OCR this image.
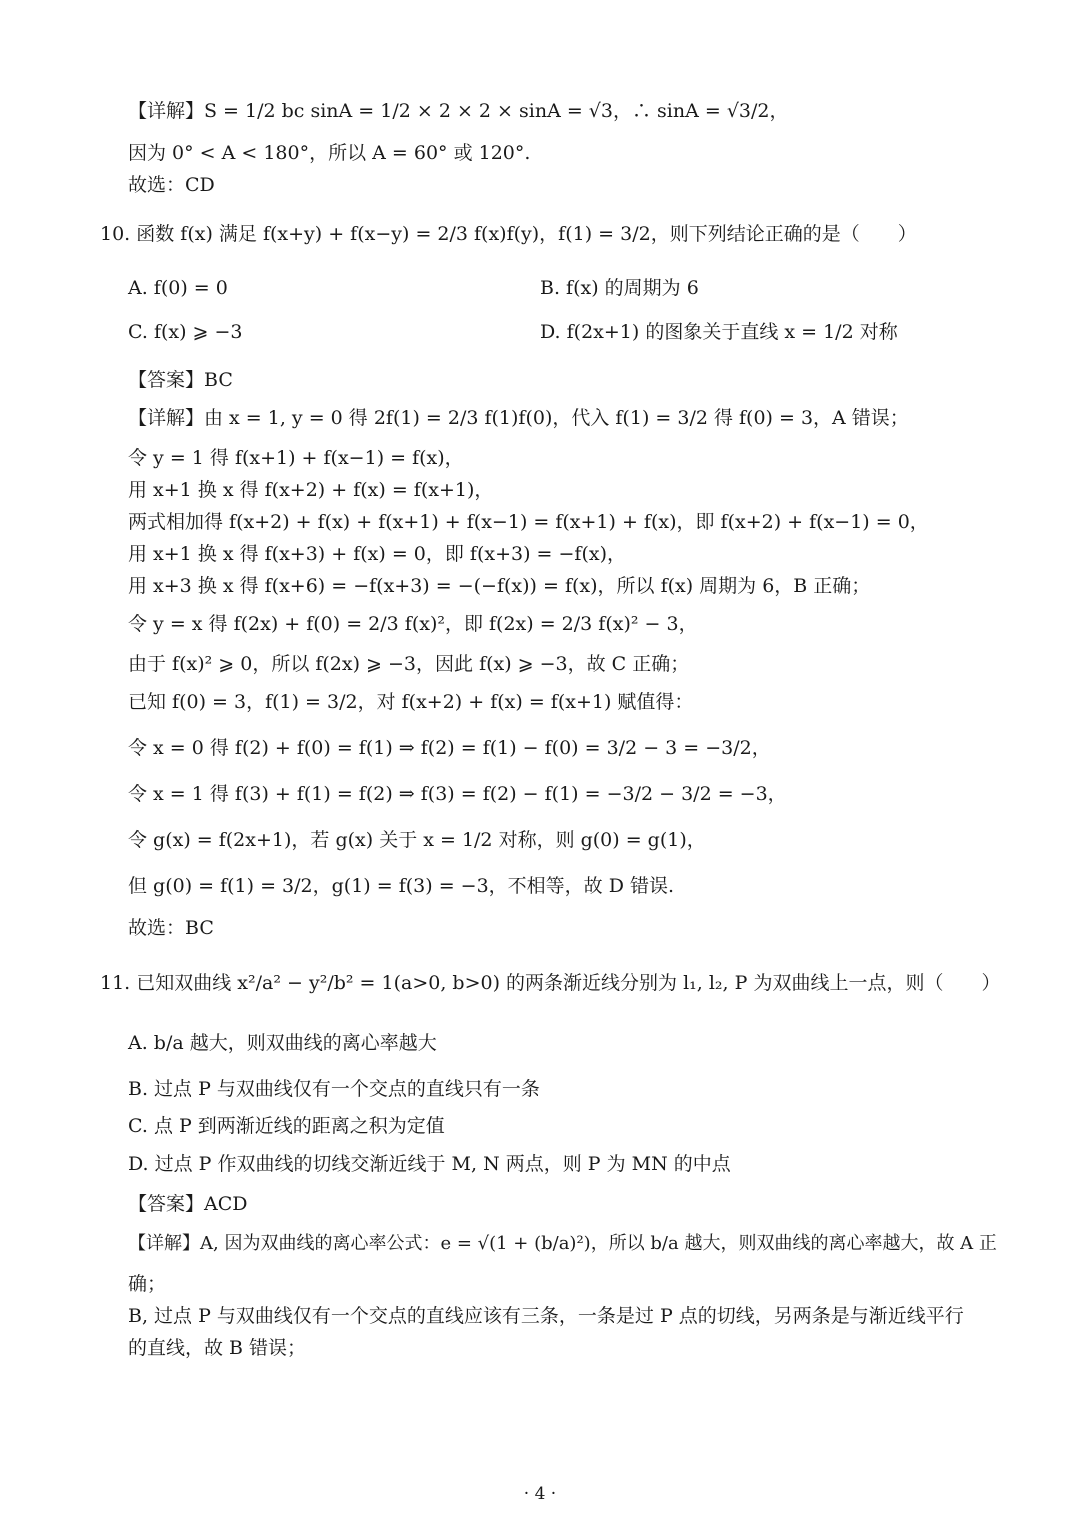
【详解】S = 1/2 bc sinA = 1/2 × 2 × 2 × sinA = √3，∴ sinA = √3/2，
因为 0° < A < 180°，所以 A = 60° 或 120°.
故选：CD
10. 函数 f(x) 满足 f(x+y) + f(x−y) = 2/3 f(x)f(y)，f(1) = 3/2，则下列结论正确的是（　　）
A. f(0) = 0	B. f(x) 的周期为 6
C. f(x) ⩾ −3	D. f(2x+1) 的图象关于直线 x = 1/2 对称
【答案】BC
【详解】由 x = 1, y = 0 得 2f(1) = 2/3 f(1)f(0)，代入 f(1) = 3/2 得 f(0) = 3，A 错误；
令 y = 1 得 f(x+1) + f(x−1) = f(x)，
用 x+1 换 x 得 f(x+2) + f(x) = f(x+1)，
两式相加得 f(x+2) + f(x) + f(x+1) + f(x−1) = f(x+1) + f(x)，即 f(x+2) + f(x−1) = 0，
用 x+1 换 x 得 f(x+3) + f(x) = 0，即 f(x+3) = −f(x)，
用 x+3 换 x 得 f(x+6) = −f(x+3) = −(−f(x)) = f(x)，所以 f(x) 周期为 6，B 正确；
令 y = x 得 f(2x) + f(0) = 2/3 f(x)²，即 f(2x) = 2/3 f(x)² − 3，
由于 f(x)² ⩾ 0，所以 f(2x) ⩾ −3，因此 f(x) ⩾ −3，故 C 正确；
已知 f(0) = 3，f(1) = 3/2，对 f(x+2) + f(x) = f(x+1) 赋值得：
令 x = 0 得 f(2) + f(0) = f(1) ⇒ f(2) = f(1) − f(0) = 3/2 − 3 = −3/2，
令 x = 1 得 f(3) + f(1) = f(2) ⇒ f(3) = f(2) − f(1) = −3/2 − 3/2 = −3，
令 g(x) = f(2x+1)，若 g(x) 关于 x = 1/2 对称，则 g(0) = g(1)，
但 g(0) = f(1) = 3/2，g(1) = f(3) = −3，不相等，故 D 错误.
故选：BC
11. 已知双曲线 x²/a² − y²/b² = 1(a>0, b>0) 的两条渐近线分别为 l₁, l₂, P 为双曲线上一点，则（　　）
A. b/a 越大，则双曲线的离心率越大
B. 过点 P 与双曲线仅有一个交点的直线只有一条
C. 点 P 到两渐近线的距离之积为定值
D. 过点 P 作双曲线的切线交渐近线于 M, N 两点，则 P 为 MN 的中点
【答案】ACD
【详解】A, 因为双曲线的离心率公式：e = √(1 + (b/a)²)，所以 b/a 越大，则双曲线的离心率越大，故 A 正
确；
B, 过点 P 与双曲线仅有一个交点的直线应该有三条，一条是过 P 点的切线，另两条是与渐近线平行
的直线，故 B 错误；
· 4 ·
